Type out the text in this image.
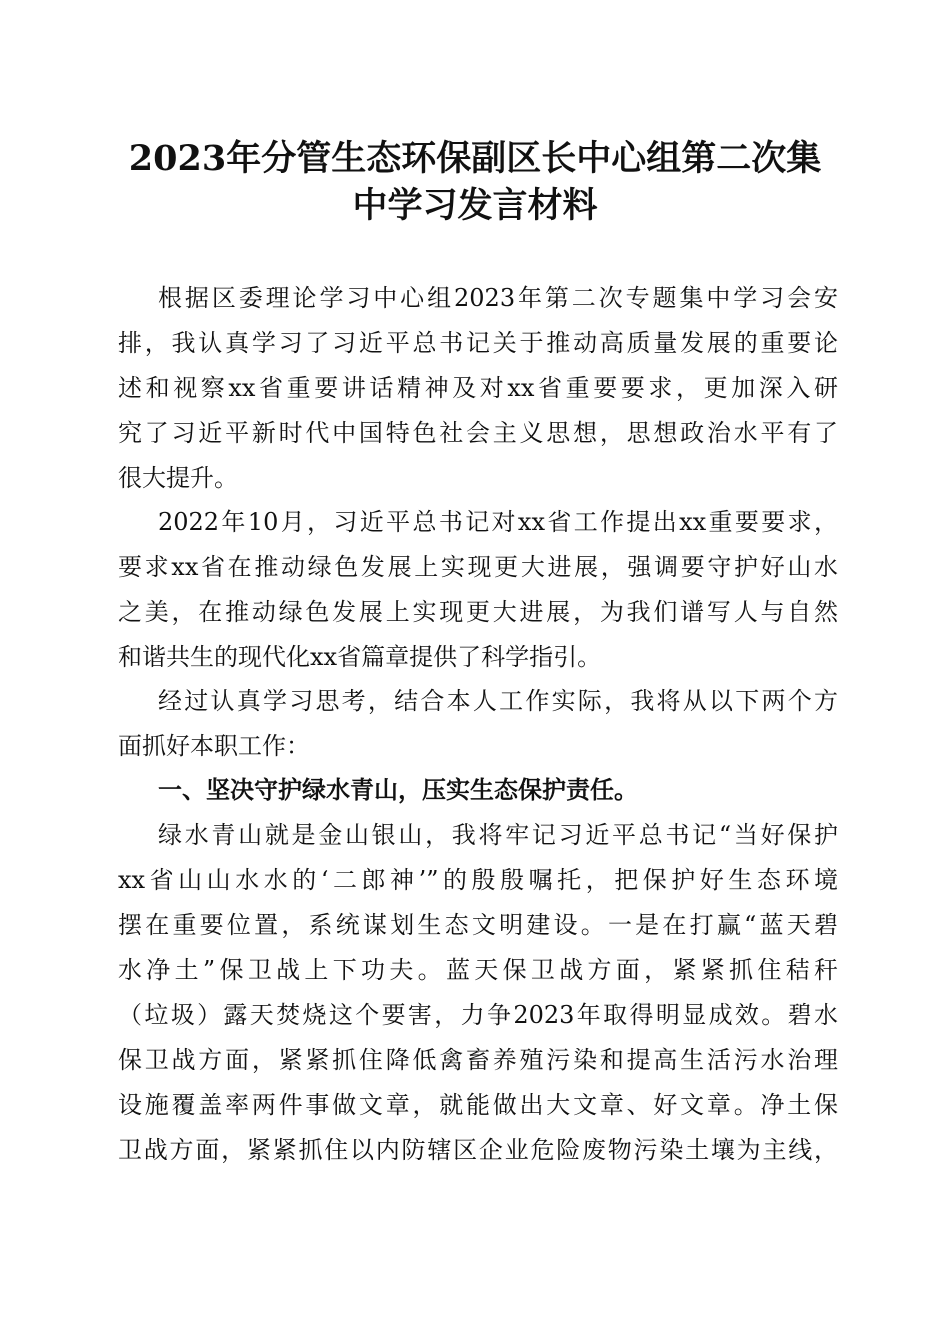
2023年分管生态环保副区长中心组第二次集
中学习发言材料
根据区委理论学习中心组2023年第二次专题集中学习会安
排，我认真学习了习近平总书记关于推动高质量发展的重要论
述和视察xx省重要讲话精神及对xx省重要要求，更加深入研
究了习近平新时代中国特色社会主义思想，思想政治水平有了
很大提升。
2022年10月，习近平总书记对xx省工作提出xx重要要求，
要求xx省在推动绿色发展上实现更大进展，强调要守护好山水
之美，在推动绿色发展上实现更大进展，为我们谱写人与自然
和谐共生的现代化xx省篇章提供了科学指引。
经过认真学习思考，结合本人工作实际，我将从以下两个方
面抓好本职工作：
一、坚决守护绿水青山，压实生态保护责任。
绿水青山就是金山银山，我将牢记习近平总书记“当好保护
xx省山山水水的‘二郎神’”的殷殷嘱托，把保护好生态环境
摆在重要位置，系统谋划生态文明建设。一是在打赢“蓝天碧
水净土”保卫战上下功夫。蓝天保卫战方面，紧紧抓住秸秆
（垃圾）露天焚烧这个要害，力争2023年取得明显成效。碧水
保卫战方面，紧紧抓住降低禽畜养殖污染和提高生活污水治理
设施覆盖率两件事做文章，就能做出大文章、好文章。净土保
卫战方面，紧紧抓住以内防辖区企业危险废物污染土壤为主线，
